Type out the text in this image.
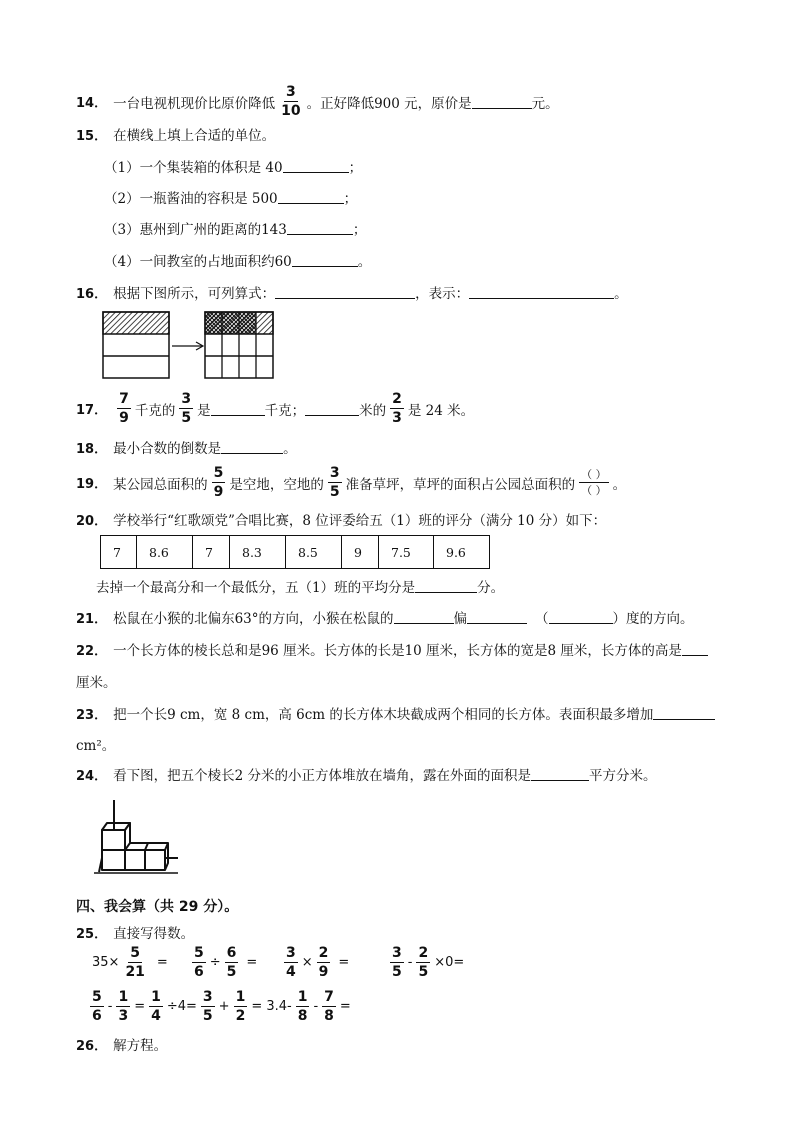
14． 一台电视机现价比原价降低 $\frac{3}{10}$ 。正好降低900 元，原价是	元。
15． 在横线上填上合适的单位。
（1）一个集装箱的体积是 40	；
（2）一瓶酱油的容积是 500	；
（3）惠州到广州的距离的143	；
（4）一间教室的占地面积约60	。
16． 根据下图所示，可列算式：	，表示：	。
17． $\frac{7}{9}$ 千克的 $\frac{3}{5}$ 是	千克；	米的 $\frac{2}{3}$ 是 24 米。
18． 最小合数的倒数是	。
19． 某公园总面积的 $\frac{5}{9}$ 是空地，空地的 $\frac{3}{5}$ 准备草坪，草坪的面积占公园总面积的 $\frac{( )}{( )}$ 。
20． 学校举行“红歌颂党”合唱比赛，8 位评委给五（1）班的评分（满分 10 分）如下：
7	8.6	7	8.3	8.5	9	7.5	9.6
去掉一个最高分和一个最低分，五（1）班的平均分是	分。
21． 松鼠在小猴的北偏东63°的方向，小猴在松鼠的	偏	（	）度的方向。
22． 一个长方体的棱长总和是96 厘米。长方体的长是10 厘米，长方体的宽是8 厘米，长方体的高是
厘米。
23． 把一个长9 cm，宽 8 cm，高 6cm 的长方体木块截成两个相同的长方体。表面积最多增加
cm²。
24． 看下图，把五个棱长2 分米的小正方体堆放在墙角，露在外面的面积是	平方分米。
四、我会算（共 29 分）。
25． 直接写得数。
$35\times \frac{5}{21} = \frac{5}{6} \div \frac{6}{5} = \frac{3}{4} \times \frac{2}{9}$ =	$\frac{3}{5} - \frac{2}{5} \times 0=$
$\frac{5}{6} - \frac{1}{3} = \frac{1}{4} \div 4= \frac{3}{5} + \frac{1}{2} = 3.4- \frac{1}{8} - \frac{7}{8}$ =
26． 解方程。
